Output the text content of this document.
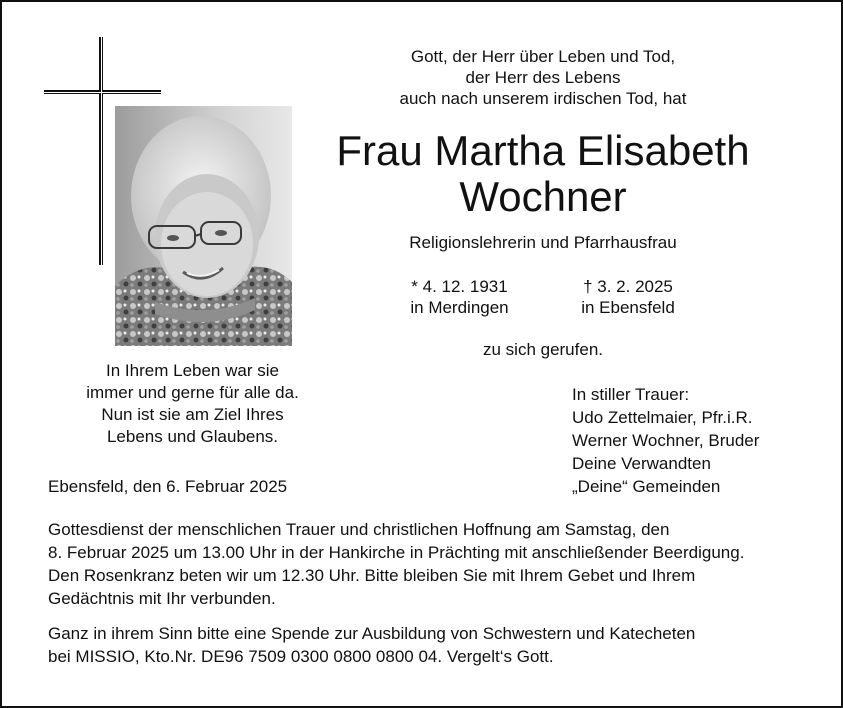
Gott, der Herr über Leben und Tod,
der Herr des Lebens
auch nach unserem irdischen Tod, hat
Frau Martha Elisabeth
Wochner
Religionslehrerin und Pfarrhausfrau
* 4. 12. 1931
in Merdingen
† 3. 2. 2025
in Ebensfeld
zu sich gerufen.
In Ihrem Leben war sie
immer und gerne für alle da.
Nun ist sie am Ziel Ihres
Lebens und Glaubens.
In stiller Trauer:
Udo Zettelmaier, Pfr.i.R.
Werner Wochner, Bruder
Deine Verwandten
„Deine“ Gemeinden
Ebensfeld, den 6. Februar 2025
Gottesdienst der menschlichen Trauer und christlichen Hoffnung am Samstag, den
8. Februar 2025 um 13.00 Uhr in der Hankirche in Prächting mit anschließender Beerdigung.
Den Rosenkranz beten wir um 12.30 Uhr. Bitte bleiben Sie mit Ihrem Gebet und Ihrem
Gedächtnis mit Ihr verbunden.
Ganz in ihrem Sinn bitte eine Spende zur Ausbildung von Schwestern und Katecheten
bei MISSIO, Kto.Nr. DE96 7509 0300 0800 0800 04. Vergelt‘s Gott.
